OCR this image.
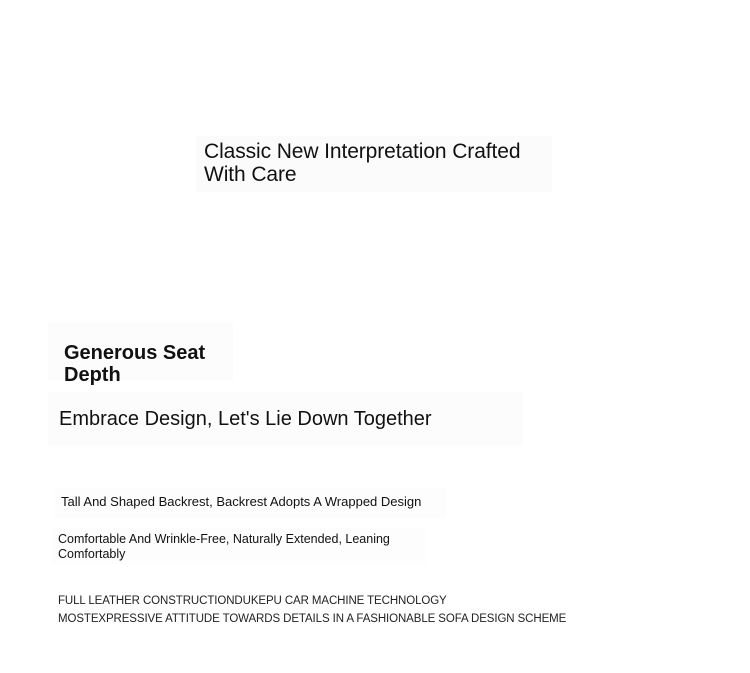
Classic New Interpretation Crafted With Care
Generous Seat Depth
Embrace Design, Let's Lie Down Together
Tall And Shaped Backrest, Backrest Adopts A Wrapped Design
Comfortable And Wrinkle-Free, Naturally Extended, Leaning Comfortably
FULL LEATHER CONSTRUCTIONDUKEPU CAR MACHINE TECHNOLOGY
MOSTEXPRESSIVE ATTITUDE TOWARDS DETAILS IN A FASHIONABLE SOFA DESIGN SCHEME
